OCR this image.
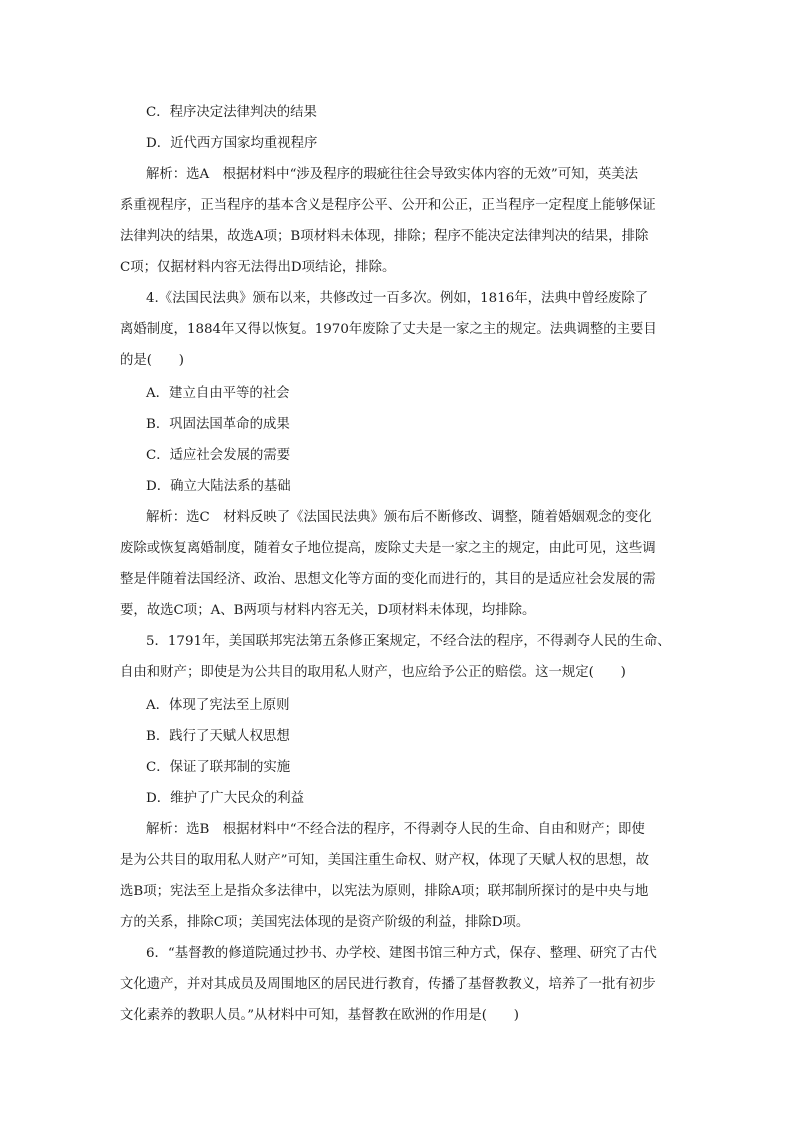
C．程序决定法律判决的结果
D．近代西方国家均重视程序
解析：选A　根据材料中“涉及程序的瑕疵往往会导致实体内容的无效”可知，英美法
系重视程序，正当程序的基本含义是程序公平、公开和公正，正当程序一定程度上能够保证
法律判决的结果，故选A项；B项材料未体现，排除；程序不能决定法律判决的结果，排除
C项；仅据材料内容无法得出D项结论，排除。
4.《法国民法典》颁布以来，共修改过一百多次。例如，1816年，法典中曾经废除了
离婚制度，1884年又得以恢复。1970年废除了丈夫是一家之主的规定。法典调整的主要目
的是(　　)
A．建立自由平等的社会
B．巩固法国革命的成果
C．适应社会发展的需要
D．确立大陆法系的基础
解析：选C　材料反映了《法国民法典》颁布后不断修改、调整，随着婚姻观念的变化
废除或恢复离婚制度，随着女子地位提高，废除丈夫是一家之主的规定，由此可见，这些调
整是伴随着法国经济、政治、思想文化等方面的变化而进行的，其目的是适应社会发展的需
要，故选C项；A、B两项与材料内容无关，D项材料未体现，均排除。
5．1791年，美国联邦宪法第五条修正案规定，不经合法的程序，不得剥夺人民的生命、
自由和财产；即使是为公共目的取用私人财产，也应给予公正的赔偿。这一规定(　　)
A．体现了宪法至上原则
B．践行了天赋人权思想
C．保证了联邦制的实施
D．维护了广大民众的利益
解析：选B　根据材料中“不经合法的程序，不得剥夺人民的生命、自由和财产；即使
是为公共目的取用私人财产”可知，美国注重生命权、财产权，体现了天赋人权的思想，故
选B项；宪法至上是指众多法律中，以宪法为原则，排除A项；联邦制所探讨的是中央与地
方的关系，排除C项；美国宪法体现的是资产阶级的利益，排除D项。
6．“基督教的修道院通过抄书、办学校、建图书馆三种方式，保存、整理、研究了古代
文化遗产，并对其成员及周围地区的居民进行教育，传播了基督教教义，培养了一批有初步
文化素养的教职人员。”从材料中可知，基督教在欧洲的作用是(　　)
